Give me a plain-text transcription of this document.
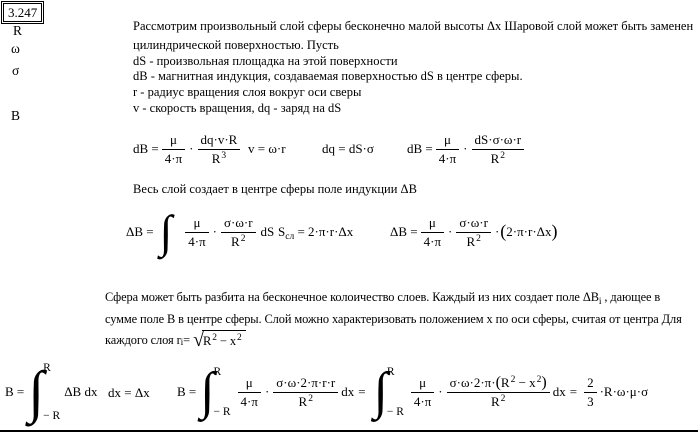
3.247
R
ω
σ
B
Рассмотрим произвольный слой сферы бесконечно малой высоты Δx Шаровой слой может быть заменен
цилиндрической поверхностью. Пусть
dS - произвольная площадка на этой поверхности
dB - магнитная индукция, создаваемая поверхностью dS в центре сферы.
r - радиус вращения слоя вокруг оси сверы
v - скорость вращения, dq - заряд на dS
dB = $\frac{\mu}{4\cdot\pi} \cdot \frac{dq\cdot v\cdot R}{R^3}$ v = ω·r	dq = dS·σ	dB = $\frac{\mu}{4\cdot\pi} \cdot \frac{dS\cdot\sigma\cdot\omega\cdot r}{R^2}$
Весь слой создает в центре сферы поле индукции ΔB
ΔB = ∫ $\frac{\mu}{4\cdot\pi} \cdot \frac{\sigma\cdot\omega\cdot r}{R^2}$ dS $S_{сл} = 2\cdot\pi\cdot r\cdot\Delta x$	$\Delta B = \frac{\mu}{4\cdot\pi} \cdot \frac{\sigma\cdot\omega\cdot r}{R^2}$ · ( 2·π·r·Δx )
Сфера может быть разбита на бесконечное колоичество слоев. Каждый из них создает поле $\Delta B_i$ , дающее в
сумме поле В в центре сферы. Слой можно характеризовать положением х по оси сферы, считая от центра Для
каждого слоя r i = √ $R^2 - x^2$
B = ∫ R
− R
ΔB dx dx = Δx B = ∫ R
− R
$\frac{\mu}{4\cdot\pi} \cdot \frac{\sigma\cdot\omega\cdot 2\cdot\pi\cdot r\cdot r}{R^2}$ dx = ∫ R
− R
$\frac{\mu}{4\cdot\pi} \cdot \frac{\sigma\cdot\omega\cdot 2\cdot\pi\cdot(R^2 - x^2)}{R^2}$ dx = $\frac{2}{3} \cdot R\cdot\omega\cdot\mu\cdot\sigma$
